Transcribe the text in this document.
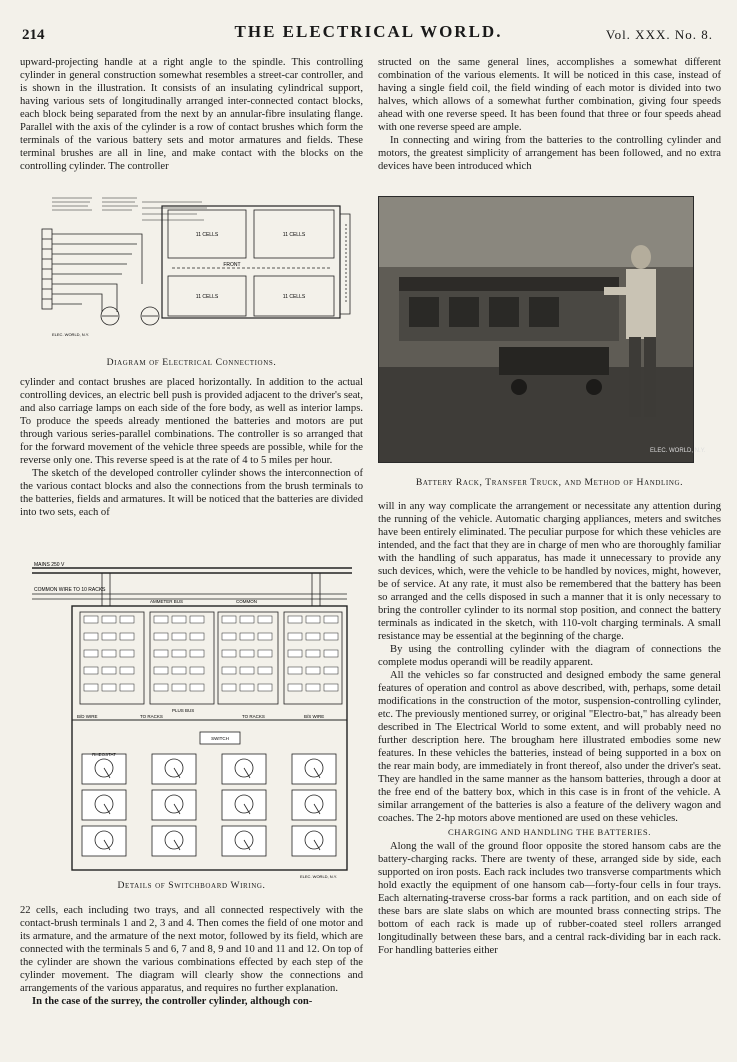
214	THE ELECTRICAL WORLD.	Vol. XXX. No. 8.

upward-projecting handle at a right angle to the spindle. This controlling cylinder in general construction somewhat resembles a street-car controller, and is shown in the illustration. It consists of an insulating cylindrical support, having various sets of longitudinally arranged inter-connected contact blocks, each block being separated from the next by an annular-fibre insulating flange. Parallel with the axis of the cylinder is a row of contact brushes which form the terminals of the various battery sets and motor armatures and fields. These terminal brushes are all in line, and make contact with the blocks on the controlling cylinder. The controller

11 CELLS	11 CELLS
11 CELLS	11 CELLS
FRONT
ELEC. WORLD, N.Y.
Diagram of Electrical Connections.

cylinder and contact brushes are placed horizontally. In addition to the actual controlling devices, an electric bell push is provided adjacent to the driver's seat, and also carriage lamps on each side of the fore body, as well as interior lamps. To produce the speeds already mentioned the batteries and motors are put through various series-parallel combinations. The controller is so arranged that for the forward movement of the vehicle three speeds are possible, while for the reverse only one. This reverse speed is at the rate of 4 to 5 miles per hour.

The sketch of the developed controller cylinder shows the interconnection of the various contact blocks and also the connections from the brush terminals to the batteries, fields and armatures. It will be noticed that the batteries are divided into two sets, each of

MAINS 250 V
COMMON WIRE TO 10 RACKS
AMMETER BUS	COMMON
PLUS BUS
TO RACKS	TO RACKS
B/D WIRE	B/S WIRE
RHEOSTAT
SWITCH
ELEC. WORLD, N.Y.
Details of Switchboard Wiring.

22 cells, each including two trays, and all connected respectively with the contact-brush terminals 1 and 2, 3 and 4. Then comes the field of one motor and its armature, and the armature of the next motor, followed by its field, which are connected with the terminals 5 and 6, 7 and 8, 9 and 10 and 11 and 12. On top of the cylinder are shown the various combinations effected by each step of the cylinder movement. The diagram will clearly show the connections and arrangements of the various apparatus, and requires no further explanation.

In the case of the surrey, the controller cylinder, although con-

structed on the same general lines, accomplishes a somewhat different combination of the various elements. It will be noticed in this case, instead of having a single field coil, the field winding of each motor is divided into two halves, which allows of a somewhat further combination, giving four speeds ahead with one reverse speed. It has been found that three or four speeds ahead with one reverse speed are ample.

In connecting and wiring from the batteries to the controlling cylinder and motors, the greatest simplicity of arrangement has been followed, and no extra devices have been introduced which

ELEC. WORLD, N.Y.
Battery Rack, Transfer Truck, and Method of Handling.

will in any way complicate the arrangement or necessitate any attention during the running of the vehicle. Automatic charging appliances, meters and switches have been entirely eliminated. The peculiar purpose for which these vehicles are intended, and the fact that they are in charge of men who are thoroughly familiar with the handling of such apparatus, has made it unnecessary to provide any such devices, which, were the vehicle to be handled by novices, might, however, be of service. At any rate, it must also be remembered that the battery has been so arranged and the cells disposed in such a manner that it is only necessary to bring the controller cylinder to its normal stop position, and connect the battery terminals as indicated in the sketch, with 110-volt charging terminals. A small resistance may be essential at the beginning of the charge.

By using the controlling cylinder with the diagram of connections the complete modus operandi will be readily apparent.

All the vehicles so far constructed and designed embody the same general features of operation and control as above described, with, perhaps, some detail modifications in the construction of the motor, suspension-controlling cylinder, etc. The previously mentioned surrey, or original "Electro-bat," has already been described in The Electrical World to some extent, and will probably need no further description here. The brougham here illustrated embodies some new features. In these vehicles the batteries, instead of being supported in a box on the rear main body, are immediately in front thereof, also under the driver's seat. They are handled in the same manner as the hansom batteries, through a door at the free end of the battery box, which in this case is in front of the vehicle. A similar arrangement of the batteries is also a feature of the delivery wagon and coaches. The 2-hp motors above mentioned are used on these vehicles.

CHARGING AND HANDLING THE BATTERIES.

Along the wall of the ground floor opposite the stored hansom cabs are the battery-charging racks. There are twenty of these, arranged side by side, each supported on iron posts. Each rack includes two transverse compartments which hold exactly the equipment of one hansom cab—forty-four cells in four trays. Each alternating-traverse cross-bar forms a rack partition, and on each side of these bars are slate slabs on which are mounted brass connecting strips. The bottom of each rack is made up of rubber-coated steel rollers arranged longitudinally between these bars, and a central rack-dividing bar in each rack. For handling batteries either
